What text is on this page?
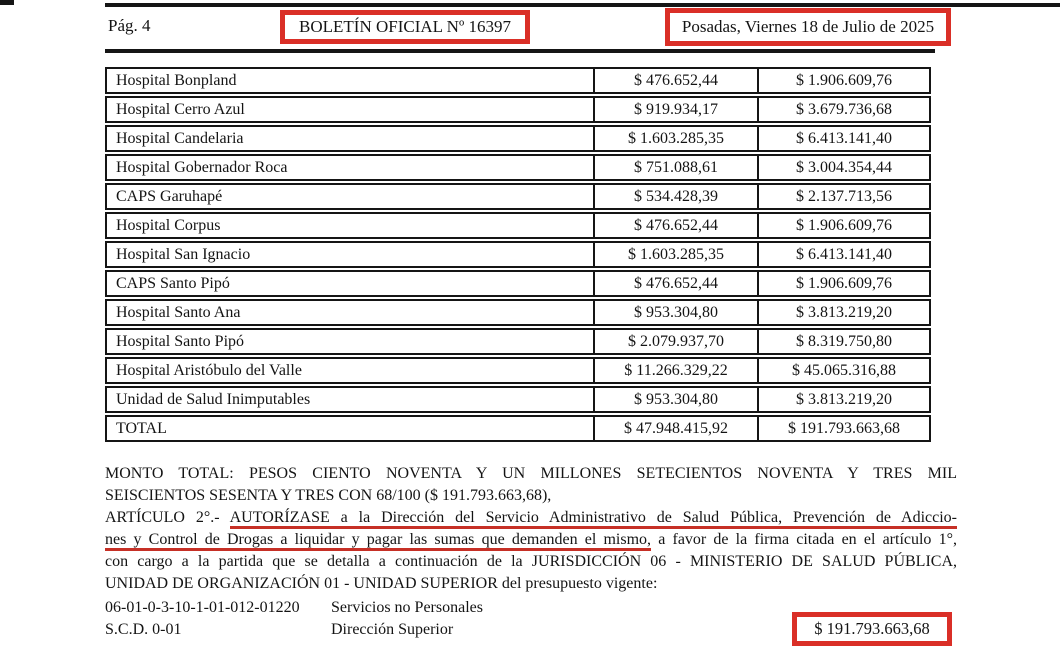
Pág. 4	BOLETÍN OFICIAL Nº 16397	Posadas, Viernes 18 de Julio de 2025
Hospital Bonpland	$ 476.652,44	$ 1.906.609,76
Hospital Cerro Azul	$ 919.934,17	$ 3.679.736,68
Hospital Candelaria	$ 1.603.285,35	$ 6.413.141,40
Hospital Gobernador Roca	$ 751.088,61	$ 3.004.354,44
CAPS Garuhapé	$ 534.428,39	$ 2.137.713,56
Hospital Corpus	$ 476.652,44	$ 1.906.609,76
Hospital San Ignacio	$ 1.603.285,35	$ 6.413.141,40
CAPS Santo Pipó	$ 476.652,44	$ 1.906.609,76
Hospital Santo Ana	$ 953.304,80	$ 3.813.219,20
Hospital Santo Pipó	$ 2.079.937,70	$ 8.319.750,80
Hospital Aristóbulo del Valle	$ 11.266.329,22	$ 45.065.316,88
Unidad de Salud Inimputables	$ 953.304,80	$ 3.813.219,20
TOTAL	$ 47.948.415,92	$ 191.793.663,68
MONTO TOTAL: PESOS CIENTO NOVENTA Y UN MILLONES SETECIENTOS NOVENTA Y TRES MIL
SEISCIENTOS SESENTA Y TRES CON 68/100 ($ 191.793.663,68),
ARTÍCULO 2°.- AUTORÍZASE a la Dirección del Servicio Administrativo de Salud Pública, Prevención de Adiccio-
nes y Control de Drogas a liquidar y pagar las sumas que demanden el mismo, a favor de la firma citada en el artículo 1°,
con cargo a la partida que se detalla a continuación de la JURISDICCIÓN 06 - MINISTERIO DE SALUD PÚBLICA,
UNIDAD DE ORGANIZACIÓN 01 - UNIDAD SUPERIOR del presupuesto vigente:
06-01-0-3-10-1-01-012-01220	Servicios no Personales
S.C.D. 0-01	Dirección Superior	$ 191.793.663,68
